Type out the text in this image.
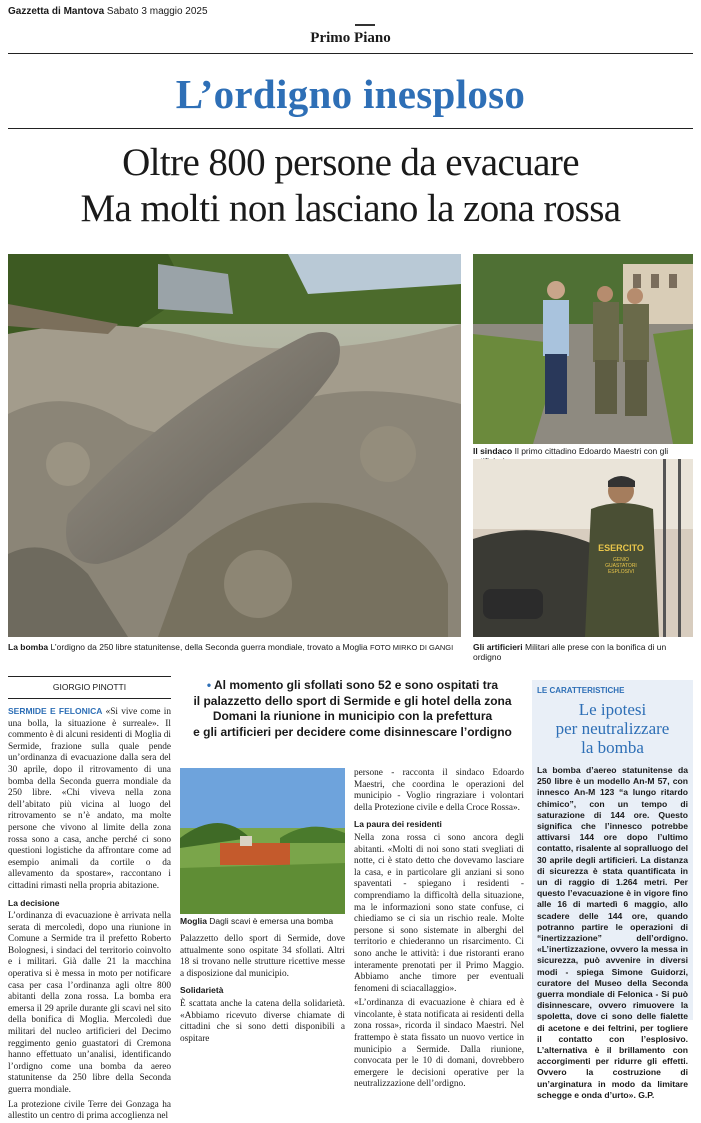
Gazzetta di Mantova Sabato 3 maggio 2025
Primo Piano
L’ordigno inesploso
Oltre 800 persone da evacuare
Ma molti non lasciano la zona rossa
La bomba L’ordigno da 250 libre statunitense, della Seconda guerra mondiale, trovato a Moglia FOTO MIRKO DI GANGI
Il sindaco Il primo cittadino Edoardo Maestri con gli
ESERCITO
GENIO
GUASTATORI
ESPLOSIVI
Gli artificieri Militari alle prese con la bonifica di un ordigno
GIORGIO PINOTTI	• Al momento gli sfollati sono 52 e sono ospitati tra
il palazzetto dello sport di Sermide e gli hotel della zona
Domani la riunione in municipio con la prefettura
e gli artificieri per decidere come disinnescare l’ordigno

SERMIDE E FELONICA «Si vive come in una bolla, la situazione è surreale». Il commento è di alcuni residenti di Moglia di Sermide, frazione sulla quale pende un’ordinanza di evacuazione dalla sera del 30 aprile, dopo il ritrovamento di una bomba della Seconda guerra mondiale da 250 libre. «Chi viveva nella zona dell’abitato più vicina al luogo del ritrovamento se n’è andato, ma molte persone che vivono al limite della zona rossa sono a casa, anche perché ci sono questioni logistiche da affrontare come ad esempio animali da cortile o da allevamento da spostare», raccontano i cittadini rimasti nella propria abitazione.

La decisione

L’ordinanza di evacuazione è arrivata nella serata di mercoledì, dopo una riunione in Comune a Sermide tra il prefetto Roberto Bolognesi, i sindaci del territorio coinvolto e i militari. Già dalle 21 la macchina operativa si è messa in moto per notificare casa per casa l’ordinanza agli oltre 800 abitanti della zona rossa. La bomba era emersa il 29 aprile durante gli scavi nel sito della bonifica di Moglia. Mercoledì due militari del nucleo artificieri del Decimo reggimento genio guastatori di Cremona hanno effettuato un’analisi, identificando l’ordigno come una bomba da aereo statunitense da 250 libre della Seconda guerra mondiale.

La protezione civile Terre dei Gonzaga ha allestito un centro di prima accoglienza nel

Moglia Dagli scavi è emersa una bomba

Palazzetto dello sport di Sermide, dove attualmente sono ospitate 34 sfollati. Altri 18 si trovano nelle strutture ricettive messe a disposizione dal municipio.

Solidarietà

È scattata anche la catena della solidarietà. «Abbiamo ricevuto diverse chiamate di cittadini che si sono detti disponibili a ospitare

persone - racconta il sindaco Edoardo Maestri, che coordina le operazioni del municipio - Voglio ringraziare i volontari della Protezione civile e della Croce Rossa».

La paura dei residenti

Nella zona rossa ci sono ancora degli abitanti. «Molti di noi sono stati svegliati di notte, ci è stato detto che dovevamo lasciare la casa, e in particolare gli anziani si sono spaventati - spiegano i residenti - comprendiamo la difficoltà della situazione, ma le informazioni sono state confuse, ci chiediamo se ci sia un rischio reale. Molte persone si sono sistemate in alberghi del territorio e chiederanno un risarcimento. Ci sono anche le attività: i due ristoranti erano interamente prenotati per il Primo Maggio. Abbiamo anche timore per eventuali fenomeni di sciacallaggio».

«L’ordinanza di evacuazione è chiara ed è vincolante, è stata notificata ai residenti della zona rossa», ricorda il sindaco Maestri. Nel frattempo è stata fissato un nuovo vertice in municipio a Sermide. Dalla riunione, convocata per le 10 di domani, dovrebbero emergere le decisioni operative per la neutralizzazione dell’ordigno.

LE CARATTERISTICHE
Le ipotesi
per neutralizzare
la bomba
La bomba d’aereo statunitense da 250 libre è un modello An-M 57, con innesco An-M 123 “a lungo ritardo chimico”, con un tempo di saturazione di 144 ore. Questo significa che l’innesco potrebbe attivarsi 144 ore dopo l’ultimo contatto, risalente al sopralluogo del 30 aprile degli artificieri. La distanza di sicurezza è stata quantificata in un di raggio di 1.264 metri. Per questo l’evacuazione è in vigore fino alle 16 di martedì 6 maggio, allo scadere delle 144 ore, quando potranno partire le operazioni di “inertizzazione” dell’ordigno. «L’inertizzazione, ovvero la messa in sicurezza, può avvenire in diversi modi - spiega Simone Guidorzi, curatore del Museo della Seconda guerra mondiale di Felonica - Si può disinnescare, ovvero rimuovere la spoletta, dove ci sono delle fialette di acetone e dei feltrini, per togliere il contatto con l’esplosivo. L’alternativa è il brillamento con accorgimenti per ridurre gli effetti. Ovvero la costruzione di un’arginatura in modo da limitare schegge e onda d’urto». G.P.
